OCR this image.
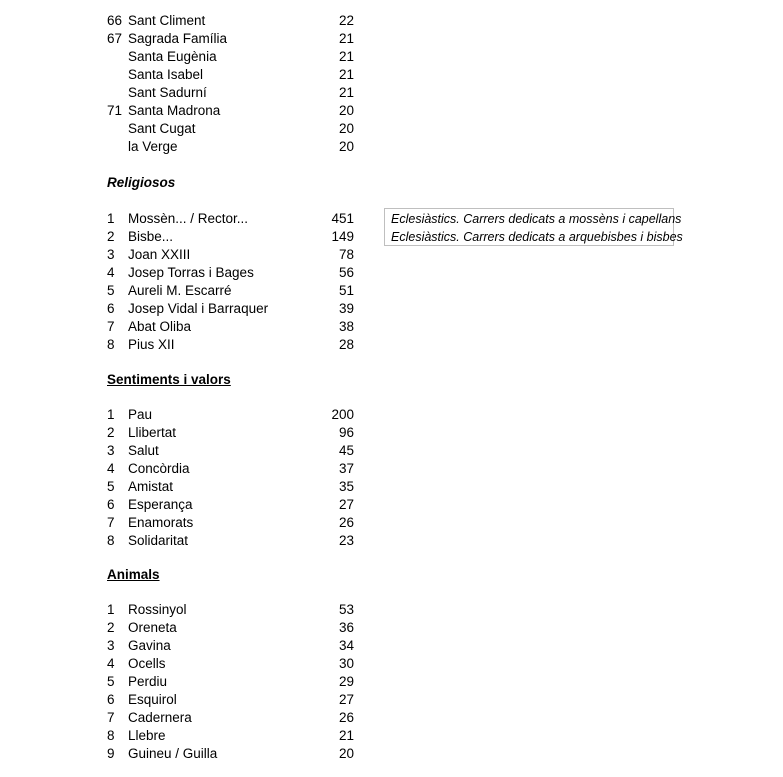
66 Sant Climent	22
67 Sagrada Família	21
Santa Eugènia	21
Santa Isabel	21
Sant Sadurní	21
71 Santa Madrona	20
Sant Cugat	20
la Verge	20
Religiosos
1 Mossèn... / Rector...	451
2 Bisbe...	149
3 Joan XXIII	78
4 Josep Torras i Bages	56
5 Aureli M. Escarré	51
6 Josep Vidal i Barraquer	39
7 Abat Oliba	38
8 Pius XII	28
Eclesiàstics. Carrers dedicats a mossèns i capellans
Eclesiàstics. Carrers dedicats a arquebisbes i bisbes
Sentiments i valors
1 Pau	200
2 Llibertat	96
3 Salut	45
4 Concòrdia	37
5 Amistat	35
6 Esperança	27
7 Enamorats	26
8 Solidaritat	23
Animals
1 Rossinyol	53
2 Oreneta	36
3 Gavina	34
4 Ocells	30
5 Perdiu	29
6 Esquirol	27
7 Cadernera	26
8 Llebre	21
9 Guineu / Guilla	20
